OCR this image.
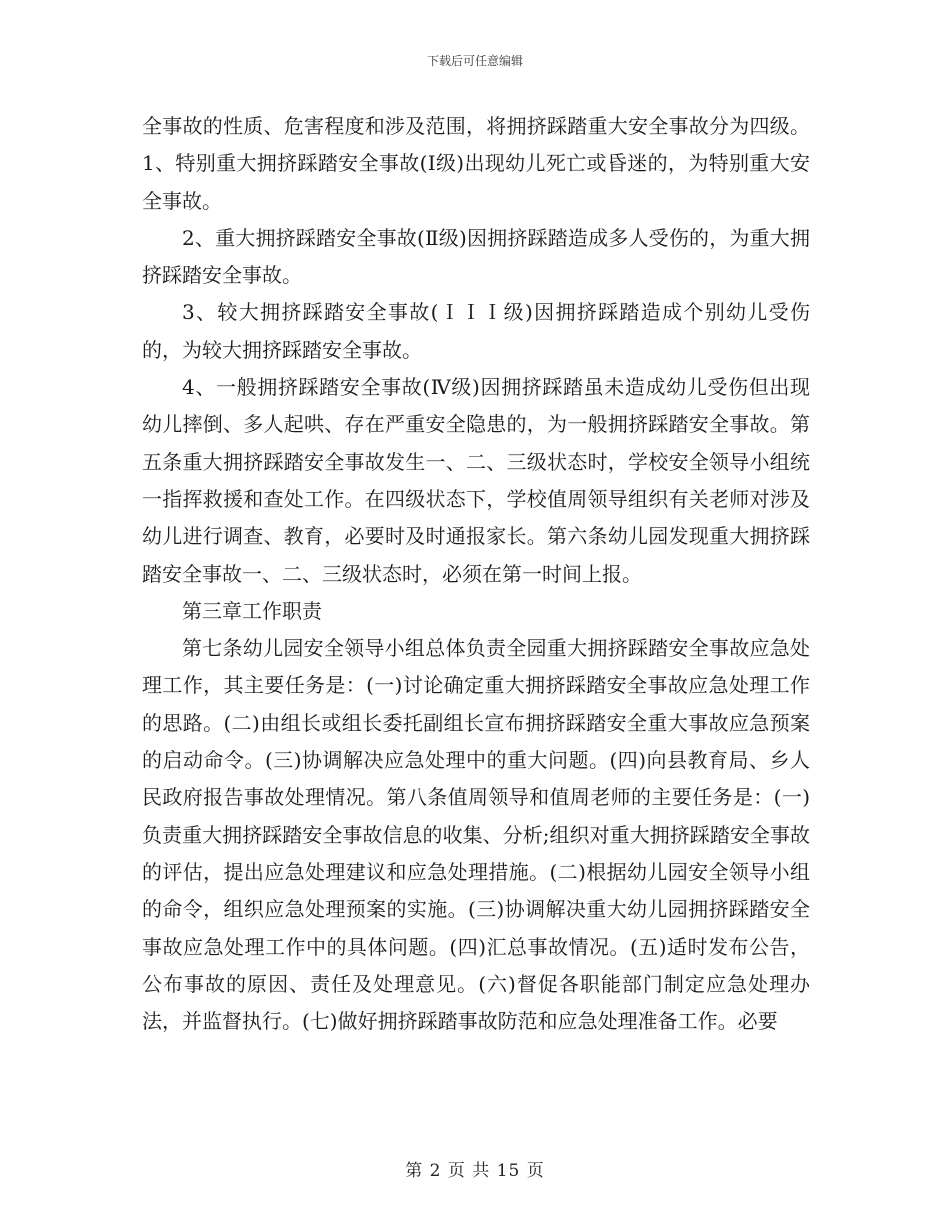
下载后可任意编辑

全事故的性质、危害程度和涉及范围，将拥挤踩踏重大安全事故分为四级。1、特别重大拥挤踩踏安全事故(Ⅰ级)出现幼儿死亡或昏迷的，为特别重大安全事故。

2、重大拥挤踩踏安全事故(Ⅱ级)因拥挤踩踏造成多人受伤的，为重大拥挤踩踏安全事故。

3、较大拥挤踩踏安全事故(ＩＩＩ级)因拥挤踩踏造成个别幼儿受伤的，为较大拥挤踩踏安全事故。

4、一般拥挤踩踏安全事故(Ⅳ级)因拥挤踩踏虽未造成幼儿受伤但出现幼儿摔倒、多人起哄、存在严重安全隐患的，为一般拥挤踩踏安全事故。第五条重大拥挤踩踏安全事故发生一、二、三级状态时，学校安全领导小组统一指挥救援和查处工作。在四级状态下，学校值周领导组织有关老师对涉及幼儿进行调查、教育，必要时及时通报家长。第六条幼儿园发现重大拥挤踩踏安全事故一、二、三级状态时，必须在第一时间上报。

第三章工作职责

第七条幼儿园安全领导小组总体负责全园重大拥挤踩踏安全事故应急处理工作，其主要任务是：(一)讨论确定重大拥挤踩踏安全事故应急处理工作的思路。(二)由组长或组长委托副组长宣布拥挤踩踏安全重大事故应急预案的启动命令。(三)协调解决应急处理中的重大问题。(四)向县教育局、乡人民政府报告事故处理情况。第八条值周领导和值周老师的主要任务是：(一)负责重大拥挤踩踏安全事故信息的收集、分析;组织对重大拥挤踩踏安全事故的评估，提出应急处理建议和应急处理措施。(二)根据幼儿园安全领导小组的命令，组织应急处理预案的实施。(三)协调解决重大幼儿园拥挤踩踏安全事故应急处理工作中的具体问题。(四)汇总事故情况。(五)适时发布公告，公布事故的原因、责任及处理意见。(六)督促各职能部门制定应急处理办法，并监督执行。(七)做好拥挤踩踏事故防范和应急处理准备工作。必要

第 2 页 共 15 页
